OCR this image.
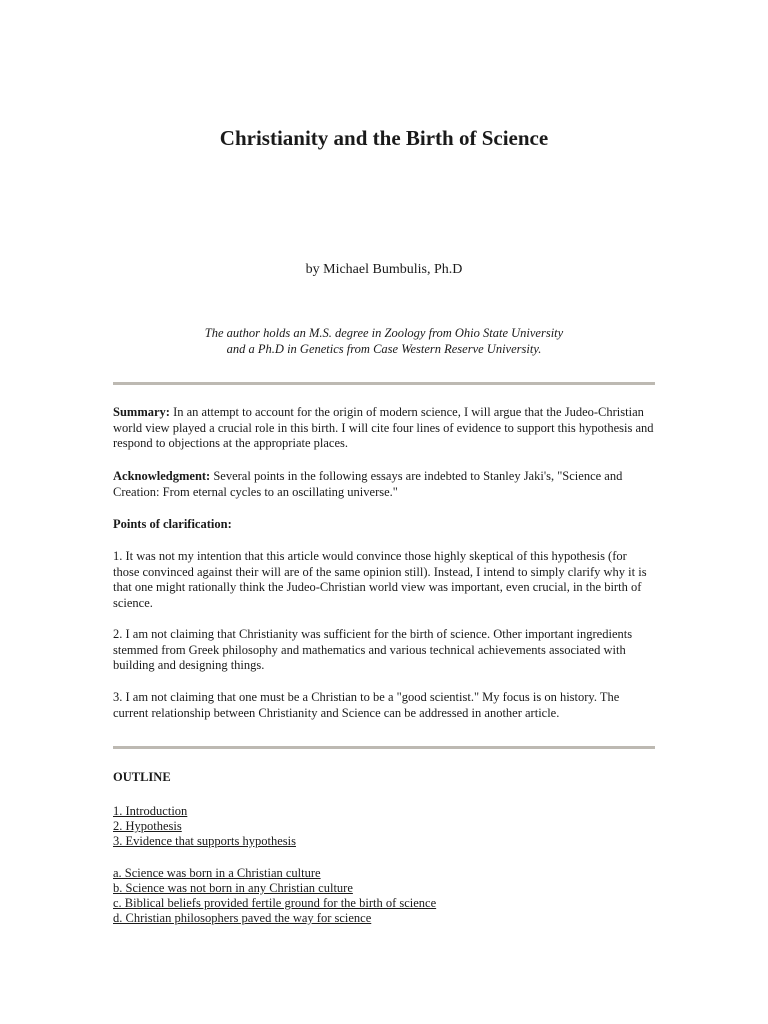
Christianity and the Birth of Science
by Michael Bumbulis, Ph.D
The author holds an M.S. degree in Zoology from Ohio State University
and a Ph.D in Genetics from Case Western Reserve University.

Summary: In an attempt to account for the origin of modern science, I will argue that the Judeo-Christian world view played a crucial role in this birth. I will cite four lines of evidence to support this hypothesis and respond to objections at the appropriate places.

Acknowledgment: Several points in the following essays are indebted to Stanley Jaki's, "Science and Creation: From eternal cycles to an oscillating universe."

Points of clarification:

1. It was not my intention that this article would convince those highly skeptical of this hypothesis (for those convinced against their will are of the same opinion still). Instead, I intend to simply clarify why it is that one might rationally think the Judeo-Christian world view was important, even crucial, in the birth of science.

2. I am not claiming that Christianity was sufficient for the birth of science. Other important ingredients stemmed from Greek philosophy and mathematics and various technical achievements associated with building and designing things.

3. I am not claiming that one must be a Christian to be a "good scientist." My focus is on history. The current relationship between Christianity and Science can be addressed in another article.

OUTLINE

1. Introduction
2. Hypothesis
3. Evidence that supports hypothesis
a. Science was born in a Christian culture
b. Science was not born in any Christian culture
c. Biblical beliefs provided fertile ground for the birth of science
d. Christian philosophers paved the way for science
